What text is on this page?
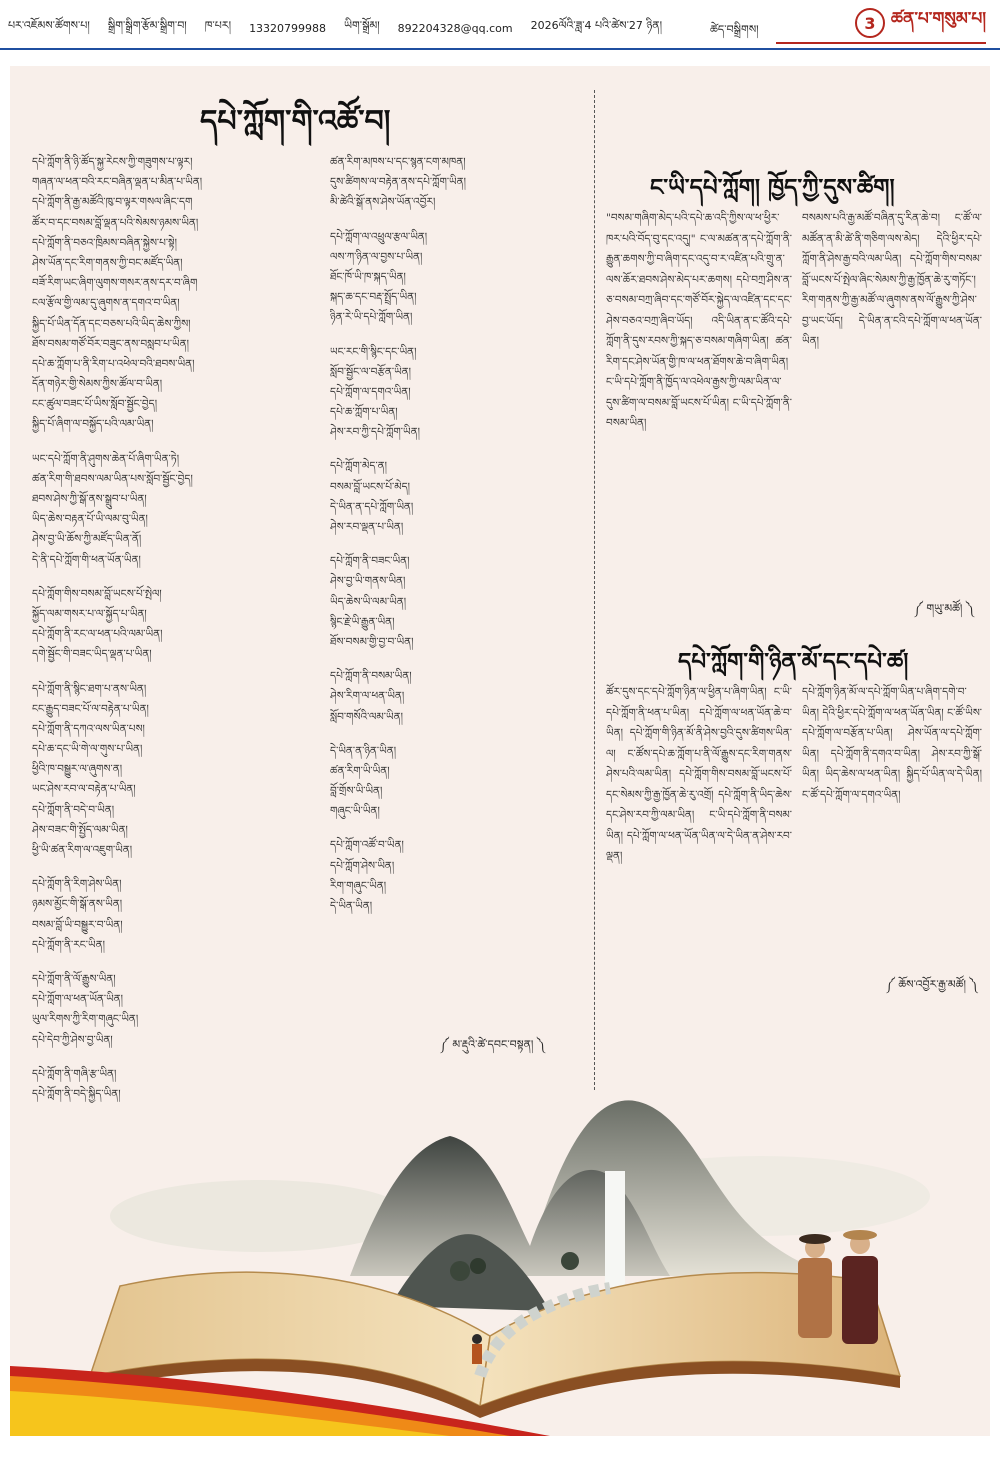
པར་འཇོམས་ཚོགས་པ། སྒྲིག་སྒྲིག་རྩོམ་སྒྲིག་བ། ཁ་པར། 13320799988 ཡིག་སྒྲོམ། 892204328@qq.com 2026ལོའི་ཟླ་4 པའི་ཚེས་27 ཉིན།	ཚེད་བསྒྲིགས།	3 ཚན་པ་གསུམ་པ།
དཔེ་ཀློག་གི་འཚོ་བ།

དཔེ་ཀློག་ནི་ཉི་ཚོད་སྐྱ་རེངས་ཀྱི་གཟུགས་པ་ལྟར།

གཞན་ལ་ཕན་བའི་རང་བཞིན་ལྡན་པ་མིན་པ་ཡིན།

དཔེ་ཀློག་ནི་རྒྱ་མཚོའི་ཁུ་བ་ལྟར་གསལ་ཞིང་དག

ཚོར་བ་དང་བསམ་བློ་ལྡན་པའི་སེམས་ཉམས་ཡིན།

དཔེ་ཀློག་ནི་བཅའ་ཁྲིམས་བཞིན་སྐྱེས་པ་སྟེ།

ཤེས་ཡོན་དང་རིག་གནས་ཀྱི་བང་མཛོད་ཡིན།

བཟོ་རིག་ཡང་ཞིག་ལུགས་གསར་ནས་དར་བ་ཞིག

ངལ་རྩོལ་གྱི་ལམ་དུ་ཞུགས་ན་དགའ་བ་ཡིན།

སྐྱིད་པོ་ཡིན་དོན་དང་བཅས་པའི་ཡིད་ཆེས་ཀྱིས།

ཐོས་བསམ་གཙོ་བོར་བཟུང་ནས་བསླབ་པ་ཡིན།

དཔེ་ཆ་ཀློག་པ་ནི་རིག་པ་འཕེལ་བའི་ཐབས་ཡིན།

དོན་གཉེར་གྱི་སེམས་ཀྱིས་ཚོལ་བ་ཡིན།

ངང་ཚུལ་བཟང་པོ་ཡིས་སློབ་སྦྱོང་བྱེད།

སྐྱིད་པོ་ཞིག་ལ་བསྐྱོད་པའི་ལམ་ཡིན།

ཡང་དཔེ་ཀློག་ནི་ཤུགས་ཆེན་པོ་ཞིག་ཡིན་ཏེ།

ཚན་རིག་གི་ཐབས་ལམ་ཡིན་པས་སློབ་སྦྱོང་བྱེད།

ཐབས་ཤེས་ཀྱི་སྒོ་ནས་སྒྲུབ་པ་ཡིན།

ཡིད་ཆེས་བརྟན་པོ་ཡི་ལམ་བུ་ཡིན།

ཤེས་བྱ་ཡི་ཆོས་ཀྱི་མཛོད་ཡིན་ནོ།

དེ་ནི་དཔེ་ཀློག་གི་ཕན་ཡོན་ཡིན།

དཔེ་ཀློག་གིས་བསམ་བློ་ཡངས་པོ་སྤེལ།

སྐྱོད་ལམ་གསར་པ་ལ་སྐྱོད་པ་ཡིན།

དཔེ་ཀློག་ནི་རང་ལ་ཕན་པའི་ལམ་ཡིན།

དགེ་སྦྱོང་གི་བཟང་ཡིད་ལྡན་པ་ཡིན།

དཔེ་ཀློག་ནི་སྙིང་ཐག་པ་ནས་ཡིན།

ངང་རྒྱུད་བཟང་པོ་ལ་བརྟེན་པ་ཡིན།

དཔེ་ཀློག་ནི་དཀའ་ལས་ཡིན་པས།

དཔེ་ཆ་དང་ཡི་གེ་ལ་གུས་པ་ཡིན།

ཕྱིའི་ཁ་བསྒྱུར་ལ་ཞུགས་ན།

ཡང་ཤེས་རབ་ལ་བརྟེན་པ་ཡིན།

དཔེ་ཀློག་ནི་བདེ་བ་ཡིན།

ཤེས་བཟང་གི་སྤྱོད་ལམ་ཡིན།

ཕྱི་ཡི་ཚན་རིག་ལ་འཇུག་ཡིན།

དཔེ་ཀློག་ནི་རིག་ཤེས་ཡིན།

ཉམས་མྱོང་གི་སྒོ་ནས་ཡིན།

བསམ་བློ་ཡི་བསྒྱུར་བ་ཡིན།

དཔེ་ཀློག་ནི་རང་ཡིན།

དཔེ་ཀློག་ནི་ལོ་རྒྱུས་ཡིན།

དཔེ་ཀློག་ལ་ཕན་ཡོན་ཡིན།

ཡུལ་རིགས་ཀྱི་རིག་གཞུང་ཡིན།

དཔེ་དེབ་ཀྱི་ཤེས་བྱ་ཡིན།

དཔེ་ཀློག་ནི་གཞི་རྩ་ཡིན།

དཔེ་ཀློག་ནི་བདེ་སྐྱིད་ཡིན།

ཚན་རིག་མཁས་པ་དང་སྙན་ངག་མཁན།

དུས་ཚིགས་ལ་བརྟེན་ནས་དཔེ་ཀློག་ཡིན།

མི་ཚེའི་སྒོ་ནས་ཤེས་ཡོན་འབྱོར།

དཔེ་ཀློག་ལ་འཕྲུལ་རྩལ་ཡིན།

ལས་ཀ་ཉིན་ལ་བྱས་པ་ཡིན།

ཐོང་ཁོ་ཡི་ཁ་སྐད་ཡིན།

སྐད་ཆ་དང་བརྡ་སྤྲོད་ཡིན།

ཉིན་རེ་ཡི་དཔེ་ཀློག་ཡིན།

ཡང་རང་གི་སྙིང་དང་ཡིན།

སློབ་སྦྱོང་ལ་བརྩོན་ཡིན།

དཔེ་ཀློག་ལ་དགའ་ཡིན།

དཔེ་ཆ་ཀློག་པ་ཡིན།

ཤེས་རབ་ཀྱི་དཔེ་ཀློག་ཡིན།

དཔེ་ཀློག་མེད་ན།

བསམ་བློ་ཡངས་པོ་མེད།

དེ་ཡིན་ན་དཔེ་ཀློག་ཡིན།

ཤེས་རབ་ལྡན་པ་ཡིན།

དཔེ་ཀློག་ནི་བཟང་ཡིན།

ཤེས་བྱ་ཡི་གནས་ཡིན།

ཡིད་ཆེས་ཡི་ལམ་ཡིན།

སྙིང་རྗེ་ཡི་རྒྱུན་ཡིན།

ཐོས་བསམ་གྱི་བྱ་བ་ཡིན།

དཔེ་ཀློག་ནི་བསམ་ཡིན།

ཤེས་རིག་ལ་ཕན་ཡིན།

སློབ་གསོའི་ལམ་ཡིན།

དེ་ཡིན་ན་ཉིན་ཡིན།

ཚན་རིག་ཡི་ཡིན།

བློ་གྲོས་ཡི་ཡིན།

གཞུང་ཡི་ཡིན།

དཔེ་ཀློག་འཚོ་བ་ཡིན།

དཔེ་ཀློག་ཤེས་ཡིན།

རིག་གཞུང་ཡིན།

དེ་ཡིན་ཡིན།

༼ མ་རྡུའི་ཚེ་དབང་བསྟན། ༽
ང་ཡི་དཔེ་ཀློག། ཁྱོད་ཀྱི་དུས་ཚིག།
"བསམ་གཞིག་མེད་པའི་དཔེ་ཆ་འདི་ཀྱིས་ལ་ཕ་ཕྱིར་ཁར་པའི་བོད་བུ་དང་འདུ།" ང་ལ་མཚན་ན་དཔེ་ཀློག་ནི་རྒྱུན་ཆགས་ཀྱི་བ་ཞིག་དང་འདུ་བ་ར་འཛིན་པའི་གྲུ་ན་ལས་ཆོར་ཐབས་ཤེས་མེད་པར་ཆགས། དཔེ་བཀྲ་ཤིས་ན་ཅ་བསམ་བཀྲ་ཞིབ་དང་གཙོ་བོར་སྐྱེད་ལ་འཛིན་དང་དང་ཤེས་བཅའ་བཀྲ་ཞིབ་ཡོད། འདི་ཡིན་ན་ང་ཚོའི་དཔེ་ཀློག་ནི་དུས་རབས་ཀྱི་སྐད་ཅ་བསམ་གཞིག་ཡིན། ཚན་རིག་དང་ཤེས་ཡོན་གྱི་ཁ་ལ་ཕན་ཐོགས་ཆེ་བ་ཞིག་ཡིན། ང་ཡི་དཔེ་ཀློག་ནི་ཁྱོད་ལ་འཕེལ་རྒྱས་ཀྱི་ལམ་ཡིན་ལ་དུས་ཚིག་ལ་བསམ་བློ་ཡངས་པོ་ཡིན། ང་ཡི་དཔེ་ཀློག་ནི་བསམ་ཡིན།
བསམས་པའི་རྒྱ་མཚོ་བཞིན་དུ་རིན་ཆེ་བ། ང་ཚོ་ལ་མཚོན་ན་མི་ཚེ་ནི་གཅིག་ལས་མེད། དེའི་ཕྱིར་དཔེ་ཀློག་ནི་ཤེས་རྒྱ་བའི་ལམ་ཡིན། དཔེ་ཀློག་གིས་བསམ་བློ་ཡངས་པོ་སྤེལ་ཞིང་སེམས་ཀྱི་རྒྱ་ཁྱོན་ཆེ་རུ་གཏོང་། རིག་གནས་ཀྱི་རྒྱ་མཚོ་ལ་ཞུགས་ནས་ལོ་རྒྱུས་ཀྱི་ཤེས་བྱ་ཡང་ཡོད། དེ་ཡིན་ན་ངའི་དཔེ་ཀློག་ལ་ཕན་ཡོན་ཡིན།
༼ གཡུ་མཚོ། ༽
དཔེ་ཀློག་གི་ཉིན་མོ་དང་དཔེ་ཚ།
ཚོར་དུས་དང་དཔེ་ཀློག་ཉིན་ལ་ཕྱིན་པ་ཞིག་ཡིན། ང་ཡི་དཔེ་ཀློག་ནི་ཕན་པ་ཡིན། དཔེ་ཀློག་ལ་ཕན་ཡོན་ཆེ་བ་ཡིན། དཔེ་ཀློག་གི་ཉིན་མོ་ནི་ཤེས་བྱའི་དུས་ཚིགས་ཡིན་ལ། ང་ཚོས་དཔེ་ཆ་ཀློག་པ་ནི་ལོ་རྒྱུས་དང་རིག་གནས་ཤེས་པའི་ལམ་ཡིན། དཔེ་ཀློག་གིས་བསམ་བློ་ཡངས་པོ་དང་སེམས་ཀྱི་རྒྱ་ཁྱོན་ཆེ་རུ་འགྲོ། དཔེ་ཀློག་ནི་ཡིད་ཆེས་དང་ཤེས་རབ་ཀྱི་ལམ་ཡིན། ང་ཡི་དཔེ་ཀློག་ནི་བསམ་ཡིན། དཔེ་ཀློག་ལ་ཕན་ཡོན་ཡིན་ལ་དེ་ཡིན་ན་ཤེས་རབ་ལྡན།
དཔེ་ཀློག་ཉིན་མོ་ལ་དཔེ་ཀློག་ཡིན་པ་ཞིག་དགེ་བ་ཡིན། དེའི་ཕྱིར་དཔེ་ཀློག་ལ་ཕན་ཡོན་ཡིན། ང་ཚོ་ཡིས་དཔེ་ཀློག་ལ་བརྩོན་པ་ཡིན། ཤེས་ཡོན་ལ་དཔེ་ཀློག་ཡིན། དཔེ་ཀློག་ནི་དགའ་བ་ཡིན། ཤེས་རབ་ཀྱི་སྒོ་ཡིན། ཡིད་ཆེས་ལ་ཕན་ཡིན། སྐྱིད་པོ་ཡིན་ལ་དེ་ཡིན། ང་ཚོ་དཔེ་ཀློག་ལ་དགའ་ཡིན།
༼ ཆོས་འབྱོར་རྒྱ་མཚོ། ༽
